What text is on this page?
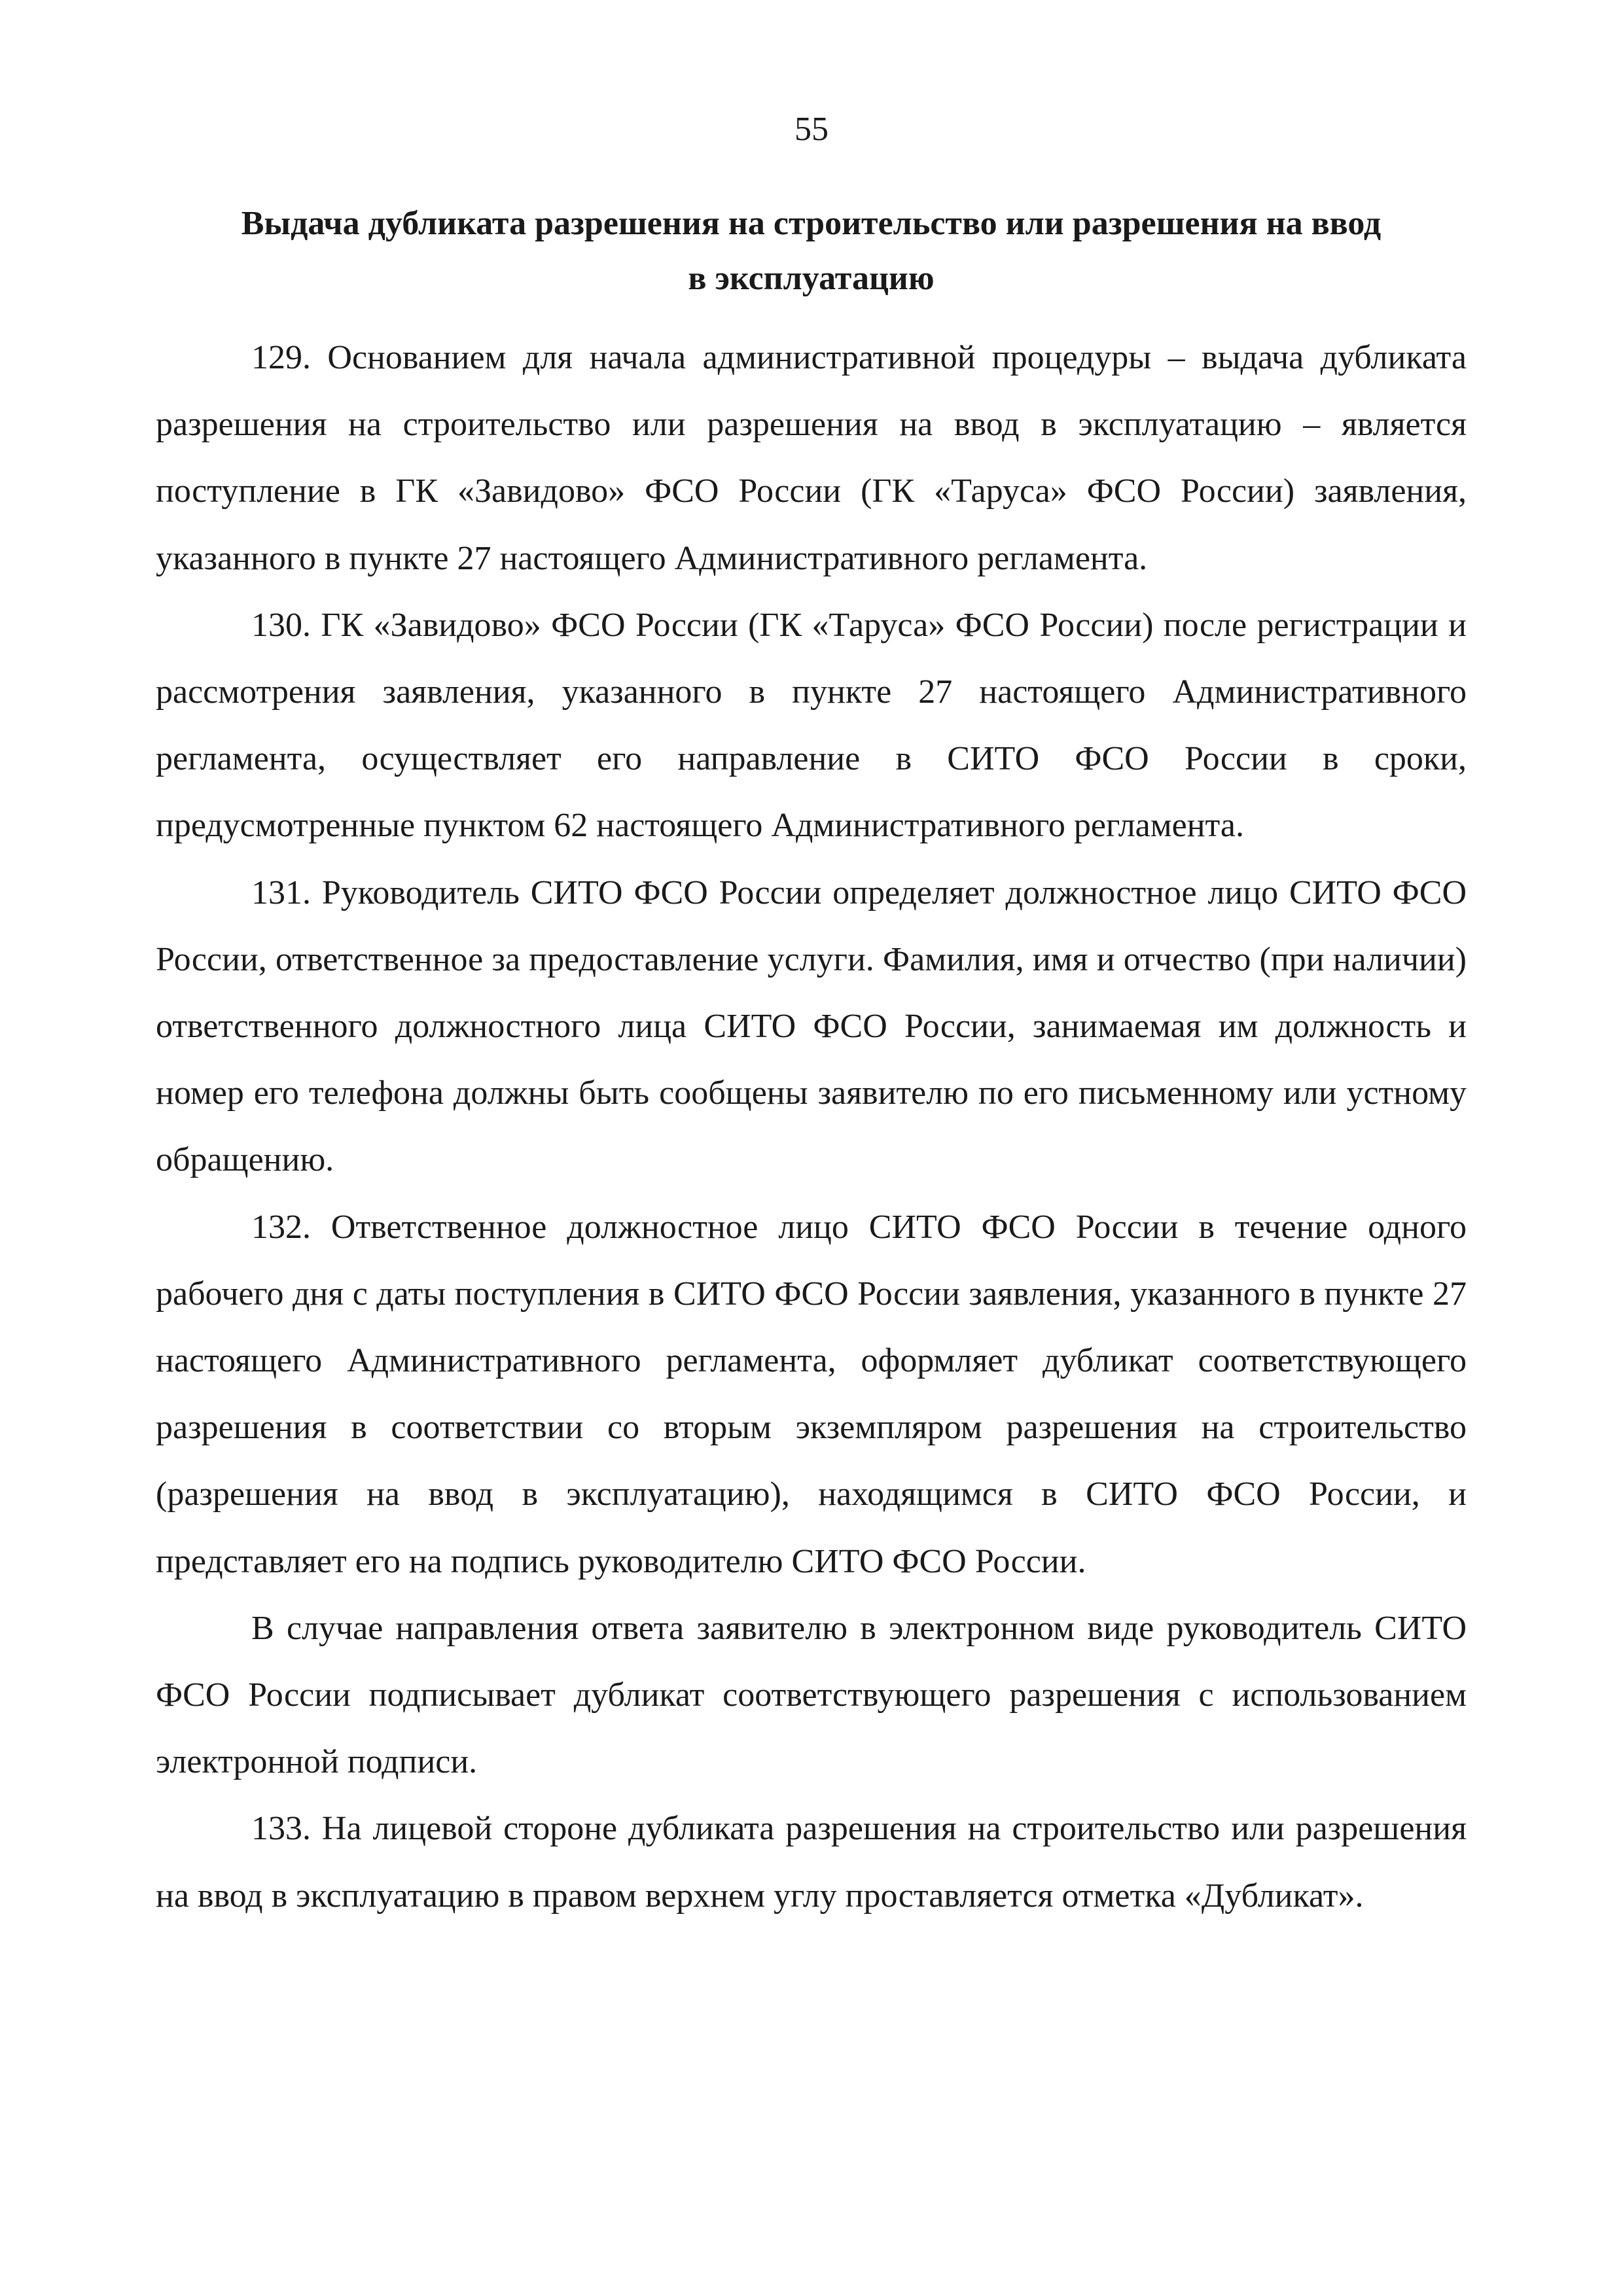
55
Выдача дубликата разрешения на строительство или разрешения на ввод
в эксплуатацию

129. Основанием для начала административной процедуры – выдача дубликата разрешения на строительство или разрешения на ввод в эксплуатацию – является поступление в ГК «Завидово» ФСО России (ГК «Таруса» ФСО России) заявления, указанного в пункте 27 настоящего Административного регламента.

130. ГК «Завидово» ФСО России (ГК «Таруса» ФСО России) после регистрации и рассмотрения заявления, указанного в пункте 27 настоящего Административного регламента, осуществляет его направление в СИТО ФСО России в сроки, предусмотренные пунктом 62 настоящего Административного регламента.

131. Руководитель СИТО ФСО России определяет должностное лицо СИТО ФСО России, ответственное за предоставление услуги. Фамилия, имя и отчество (при наличии) ответственного должностного лица СИТО ФСО России, занимаемая им должность и номер его телефона должны быть сообщены заявителю по его письменному или устному обращению.

132. Ответственное должностное лицо СИТО ФСО России в течение одного рабочего дня с даты поступления в СИТО ФСО России заявления, указанного в пункте 27 настоящего Административного регламента, оформляет дубликат соответствующего разрешения в соответствии со вторым экземпляром разрешения на строительство (разрешения на ввод в эксплуатацию), находящимся в СИТО ФСО России, и представляет его на подпись руководителю СИТО ФСО России.

В случае направления ответа заявителю в электронном виде руководитель СИТО ФСО России подписывает дубликат соответствующего разрешения с использованием электронной подписи.

133. На лицевой стороне дубликата разрешения на строительство или разрешения на ввод в эксплуатацию в правом верхнем углу проставляется отметка «Дубликат».
